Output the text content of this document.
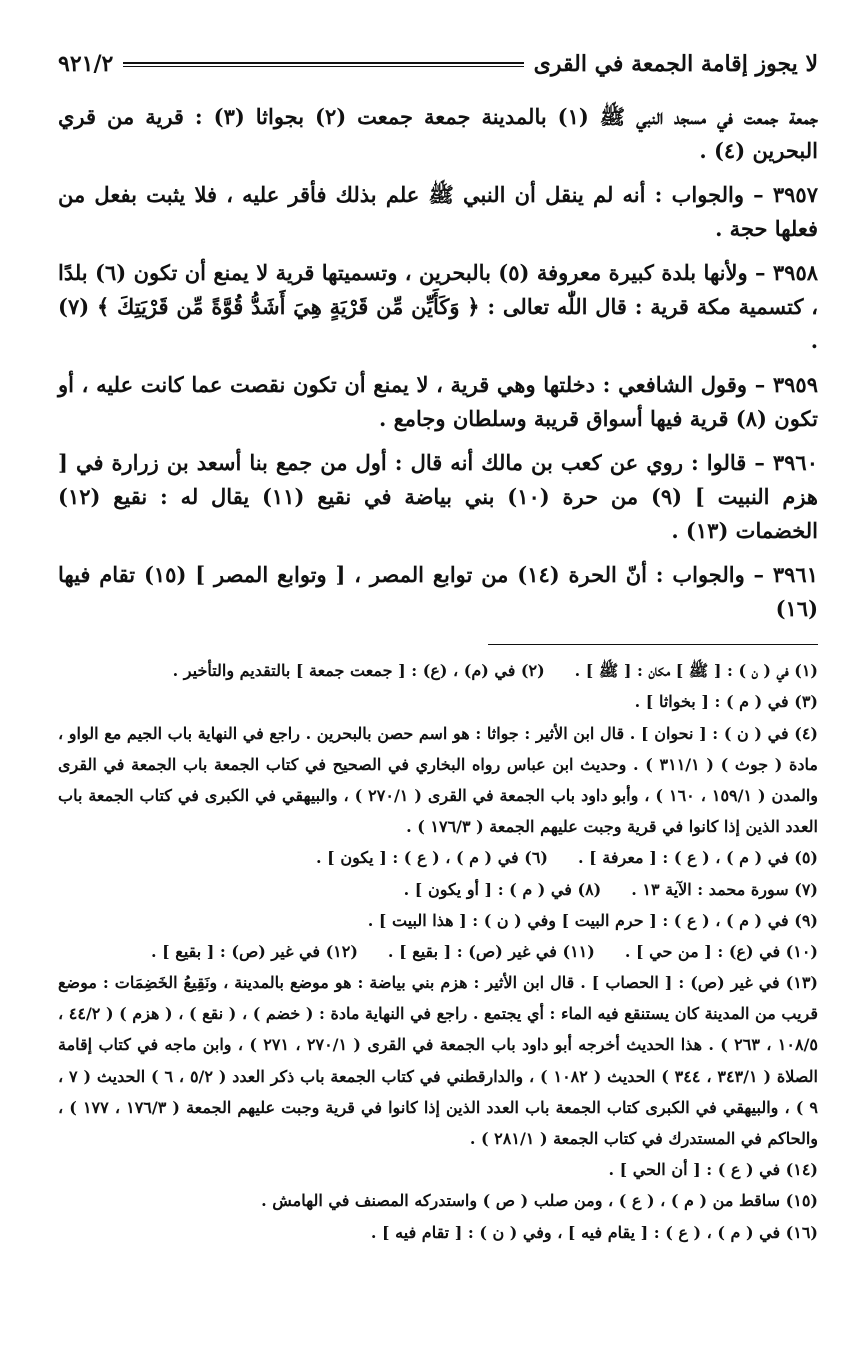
لا يجوز إقامة الجمعة في القرى
٩٢١/٢

جمعة جمعت في مسجد النبي ﷺ (١) بالمدينة جمعة جمعت (٢) بجواثا (٣) : قرية من قري البحرين (٤) .

٣٩٥٧ – والجواب : أنه لم ينقل أن النبي ﷺ علم بذلك فأقر عليه ، فلا يثبت بفعل من فعلها حجة .

٣٩٥٨ – ولأنها بلدة كبيرة معروفة (٥) بالبحرين ، وتسميتها قرية لا يمنع أن تكون (٦) بلدًا ، كتسمية مكة قرية : قال اللّٰه تعالى : ﴿ وَكَأَيِّن مِّن قَرْيَةٍ هِيَ أَشَدُّ قُوَّةً مِّن قَرْيَتِكَ ﴾ (٧) .

٣٩٥٩ – وقول الشافعي : دخلتها وهي قرية ، لا يمنع أن تكون نقصت عما كانت عليه ، أو تكون (٨) قرية فيها أسواق قريبة وسلطان وجامع .

٣٩٦٠ – قالوا : روي عن كعب بن مالك أنه قال : أول من جمع بنا أسعد بن زرارة في [ هزم النبيت ] (٩) من حرة (١٠) بني بياضة في نقيع (١١) يقال له : نقيع (١٢) الخضمات (١٣) .

٣٩٦١ – والجواب : أنّ الحرة (١٤) من توابع المصر ، [ وتوابع المصر ] (١٥) تقام فيها (١٦)

(١) في ( ن ) : [ ﷺ ] مكان : [ ﷺ ] .

(٢) في (م) ، (ع) : [ جمعت جمعة ] بالتقديم والتأخير .

(٣) في ( م ) : [ بخواثا ] .

(٤) في ( ن ) : [ نحوان ] . قال ابن الأثير : جواثا : هو اسم حصن بالبحرين . راجع في النهاية باب الجيم مع الواو ، مادة ( جوث ) ( ٣١١/١ ) . وحديث ابن عباس رواه البخاري في الصحيح في كتاب الجمعة باب الجمعة في القرى والمدن ( ١٥٩/١ ، ١٦٠ ) ، وأبو داود باب الجمعة في القرى ( ٢٧٠/١ ) ، والبيهقي في الكبرى في كتاب الجمعة باب العدد الذين إذا كانوا في قرية وجبت عليهم الجمعة ( ١٧٦/٣ ) .

(٥) في ( م ) ، ( ع ) : [ معرفة ] .

(٦) في ( م ) ، ( ع ) : [ يكون ] .

(٧) سورة محمد : الآية ١٣ .

(٨) في ( م ) : [ أو يكون ] .

(٩) في ( م ) ، ( ع ) : [ حرم البيت ] وفي ( ن ) : [ هذا البيت ] .

(١٠) في (ع) : [ من حي ] .

(١١) في غير (ص) : [ بقيع ] .

(١٢) في غير (ص) : [ بقيع ] .

(١٣) في غير (ص) : [ الحصاب ] . قال ابن الأثير : هزم بني بياضة : هو موضع بالمدينة ، ونَقِيعُ الخَضِمَات : موضع قريب من المدينة كان يستنقع فيه الماء : أي يجتمع . راجع في النهاية مادة : ( خضم ) ، ( نقع ) ، ( هزم ) ( ٤٤/٢ ، ١٠٨/٥ ، ٢٦٣ ) . هذا الحديث أخرجه أبو داود باب الجمعة في القرى ( ٢٧٠/١ ، ٢٧١ ) ، وابن ماجه في كتاب إقامة الصلاة ( ٣٤٣/١ ، ٣٤٤ ) الحديث ( ١٠٨٢ ) ، والدارقطني في كتاب الجمعة باب ذكر العدد ( ٥/٢ ، ٦ ) الحديث ( ٧ ، ٩ ) ، والبيهقي في الكبرى كتاب الجمعة باب العدد الذين إذا كانوا في قرية وجبت عليهم الجمعة ( ١٧٦/٣ ، ١٧٧ ) ، والحاكم في المستدرك في كتاب الجمعة ( ٢٨١/١ ) .

(١٤) في ( ع ) : [ أن الحي ] .

(١٥) ساقط من ( م ) ، ( ع ) ، ومن صلب ( ص ) واستدركه المصنف في الهامش .

(١٦) في ( م ) ، ( ع ) : [ يقام فيه ] ، وفي ( ن ) : [ تقام فيه ] .
